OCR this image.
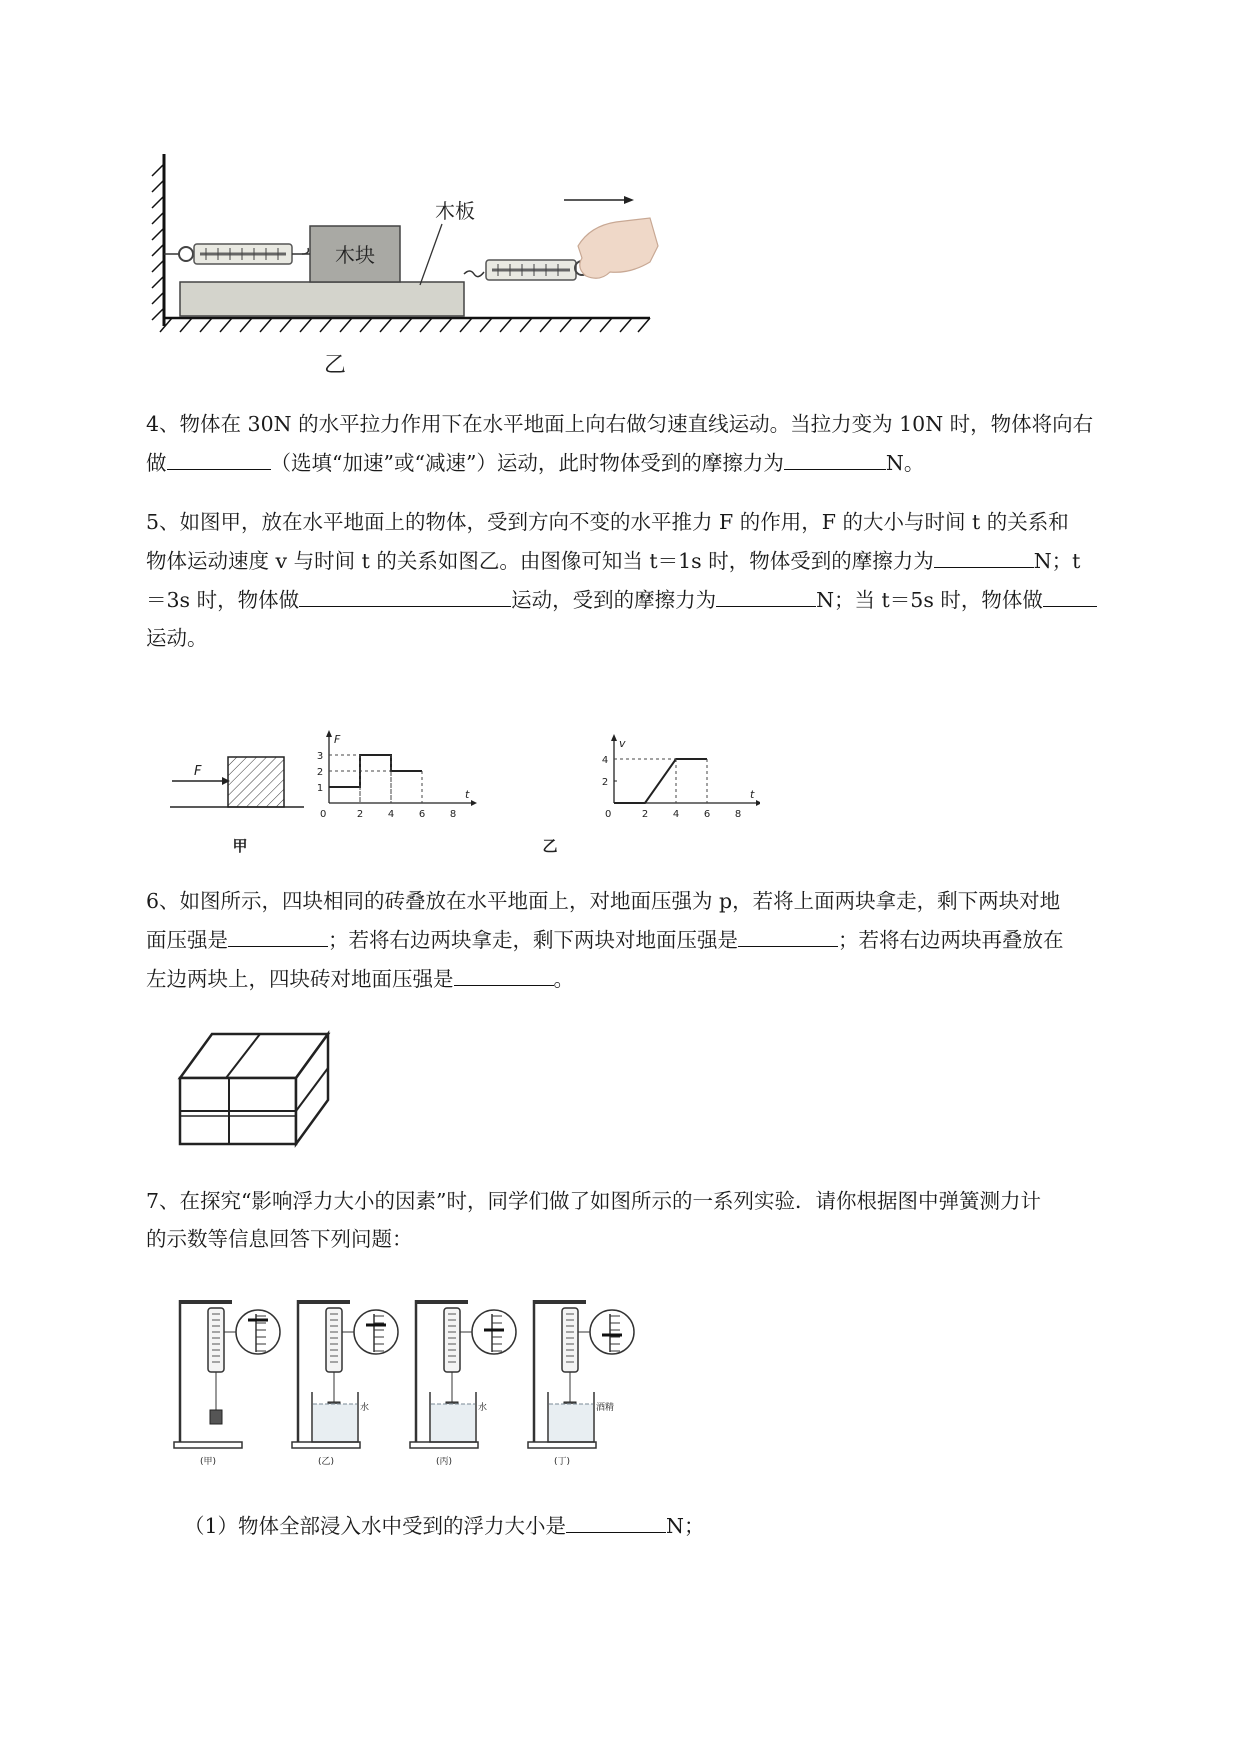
木块
木板
乙
4、物体在 30N 的水平拉力作用下在水平地面上向右做匀速直线运动。当拉力变为 10N 时，物体将向右
做	（选填“加速”或“减速”）运动，此时物体受到的摩擦力为	N。
5、如图甲，放在水平地面上的物体，受到方向不变的水平推力 F 的作用，F 的大小与时间 t 的关系和
物体运动速度 v 与时间 t 的关系如图乙。由图像可知当 t＝1s 时，物体受到的摩擦力为	N；t
＝3s 时，物体做	运动，受到的摩擦力为	N；当 t＝5s 时，物体做
运动。
F
甲
F
t
0	2 4 6 8
1
2
3
v
t
0	2 4 6 8
2
4
乙
6、如图所示，四块相同的砖叠放在水平地面上，对地面压强为 p，若将上面两块拿走，剩下两块对地
面压强是	；若将右边两块拿走，剩下两块对地面压强是	；若将右边两块再叠放在
左边两块上，四块砖对地面压强是	。
7、在探究“影响浮力大小的因素”时，同学们做了如图所示的一系列实验．请你根据图中弹簧测力计
的示数等信息回答下列问题：
(甲)
水
(乙)
水
(丙)
酒精
(丁)
（1）物体全部浸入水中受到的浮力大小是	N；
